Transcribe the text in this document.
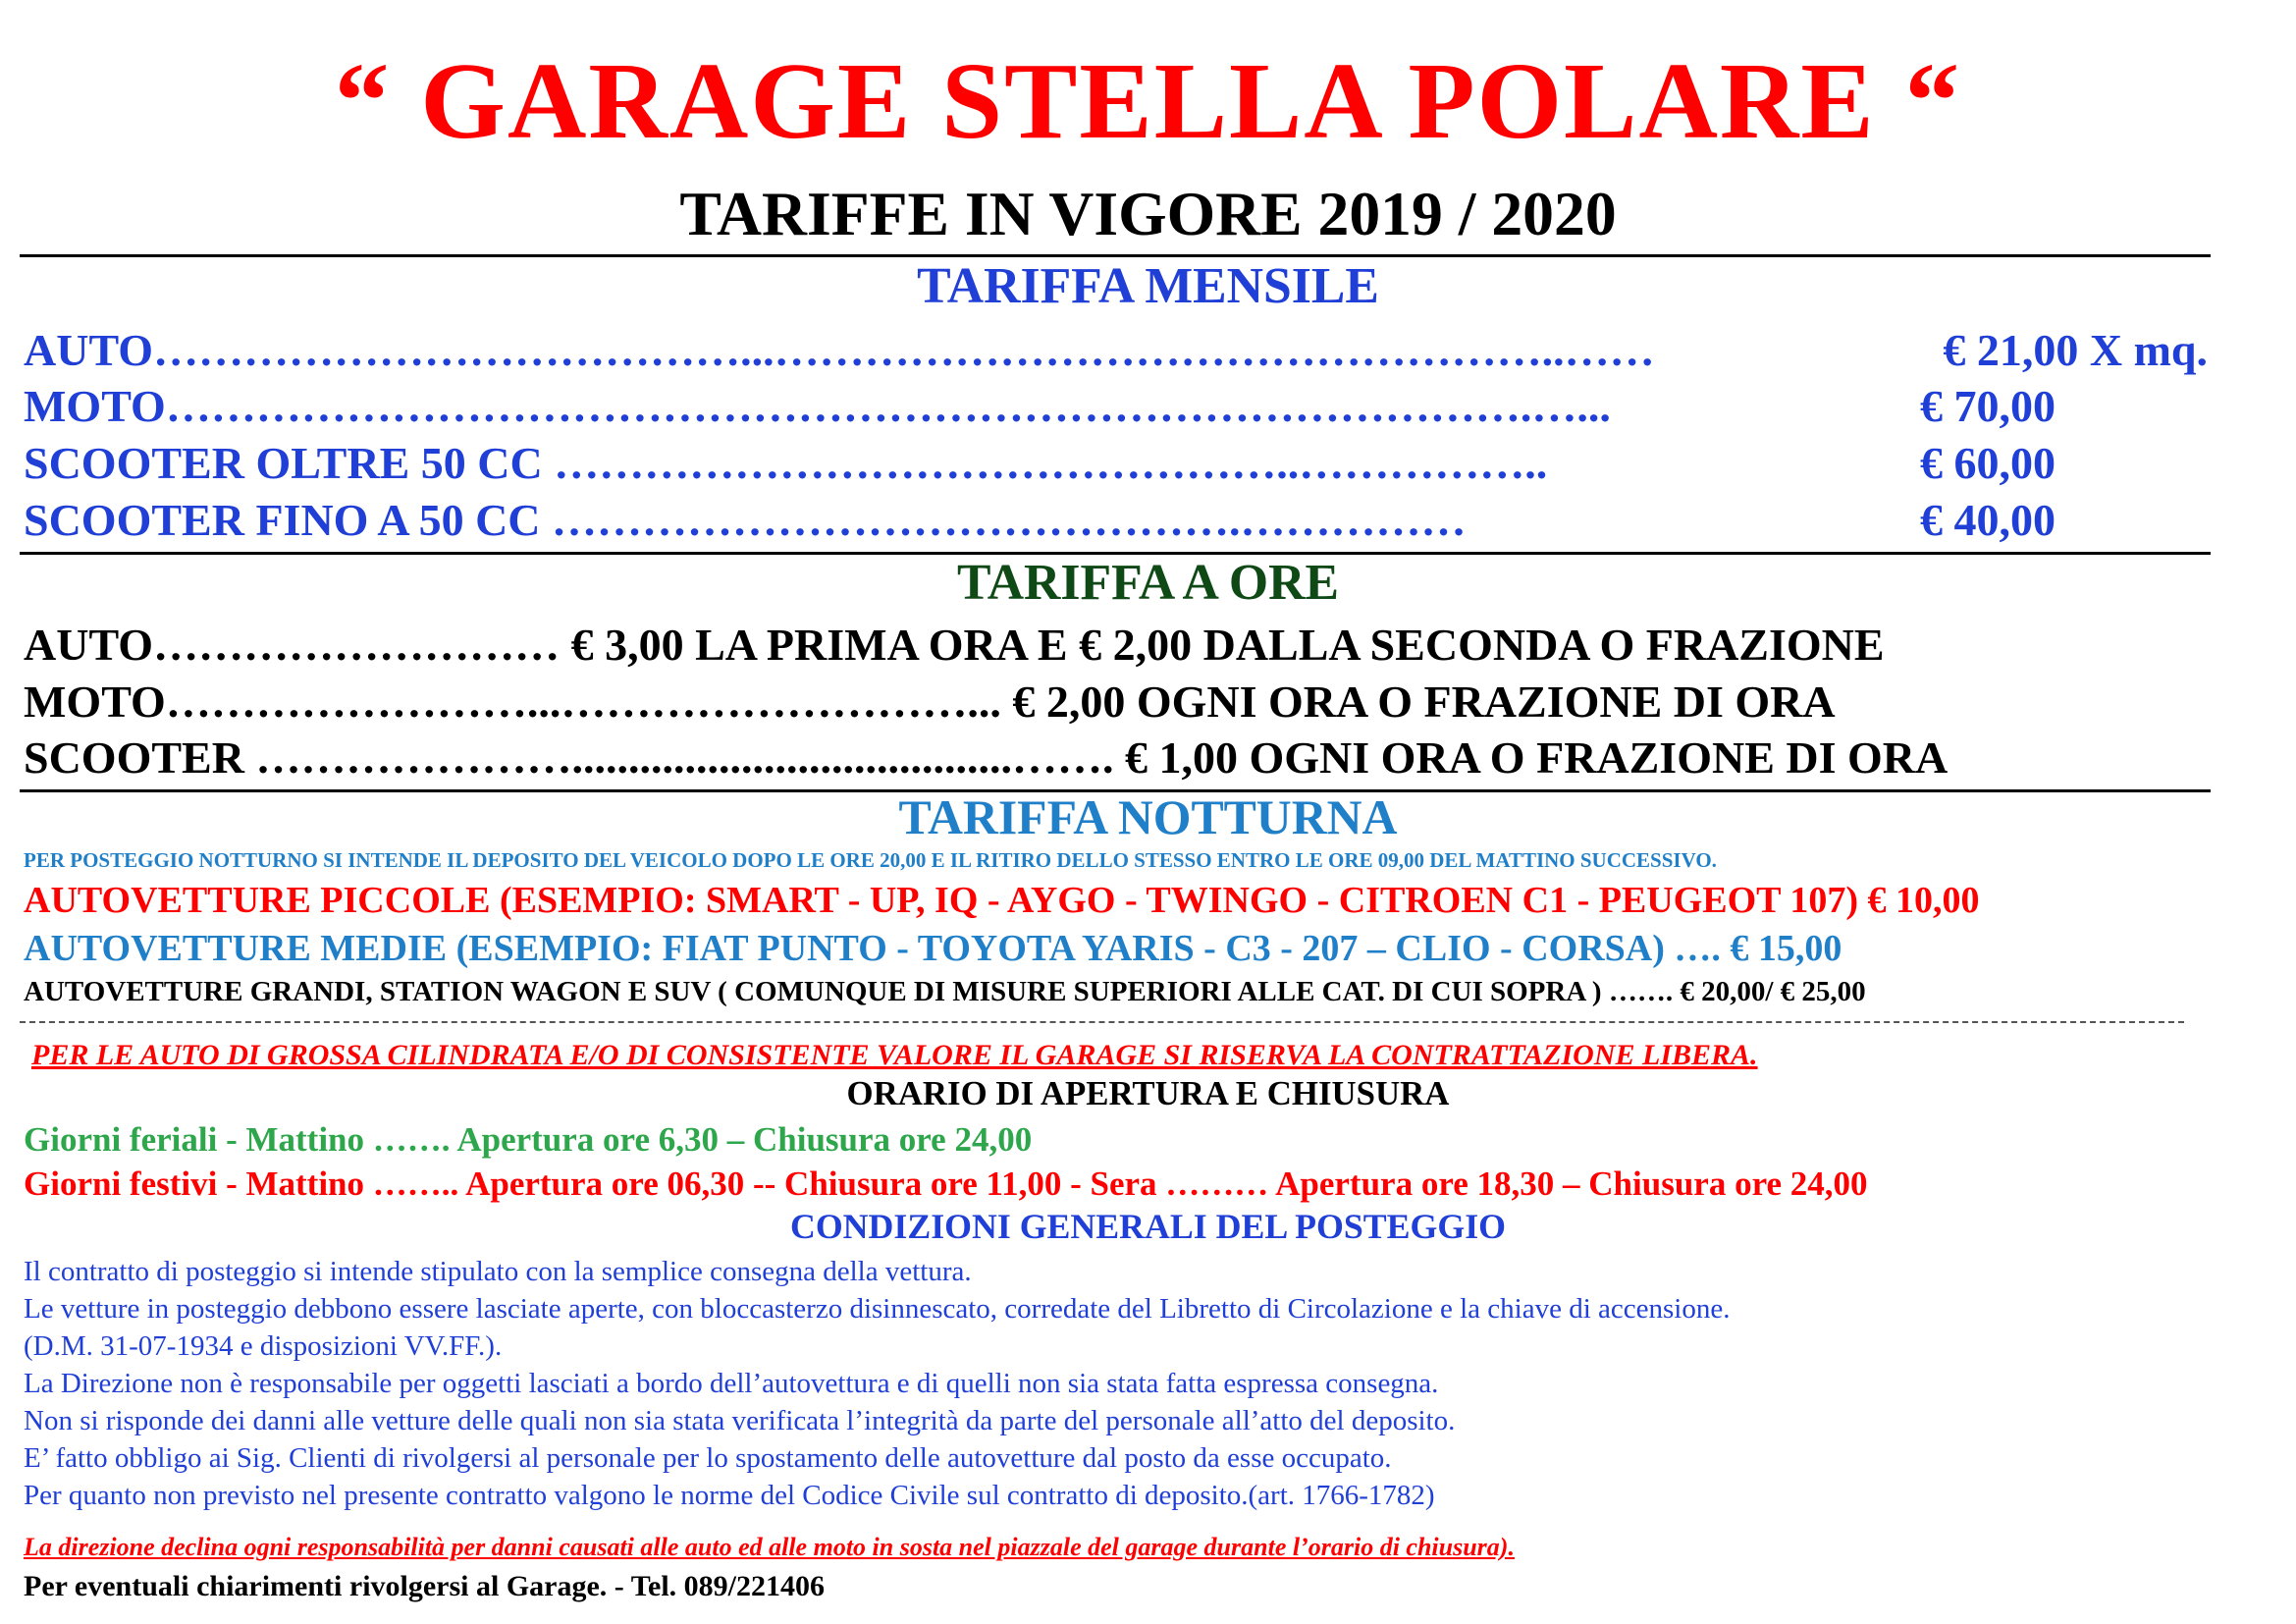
“ GARAGE STELLA POLARE “
TARIFFE IN VIGORE 2019 / 2020
TARIFFA MENSILE
AUTO…………………………………...……………………………………………..……	€ 21,00 X mq.
MOTO……………………………………………………………………………….…...	€ 70,00
SCOOTER OLTRE 50 CC …………………………………………..……………..	€ 60,00
SCOOTER FINO A 50 CC ……………………………………….……………	€ 40,00
TARIFFA A ORE
AUTO……………………… € 3,00 LA PRIMA ORA E € 2,00 DALLA SECONDA O FRAZIONE
MOTO……………………...………………………... € 2,00 OGNI ORA O FRAZIONE DI ORA
SCOOTER ………………….......................................……. € 1,00 OGNI ORA O FRAZIONE DI ORA
TARIFFA NOTTURNA
PER POSTEGGIO NOTTURNO SI INTENDE IL DEPOSITO DEL VEICOLO DOPO LE ORE 20,00 E IL RITIRO DELLO STESSO ENTRO LE ORE 09,00 DEL MATTINO SUCCESSIVO.
AUTOVETTURE PICCOLE (ESEMPIO: SMART - UP, IQ - AYGO - TWINGO - CITROEN C1 - PEUGEOT 107) € 10,00
AUTOVETTURE MEDIE (ESEMPIO: FIAT PUNTO - TOYOTA YARIS - C3 - 207 – CLIO - CORSA) …. € 15,00
AUTOVETTURE GRANDI, STATION WAGON E SUV ( COMUNQUE DI MISURE SUPERIORI ALLE CAT. DI CUI SOPRA ) ……. € 20,00/ € 25,00
PER LE AUTO DI GROSSA CILINDRATA E/O DI CONSISTENTE VALORE IL GARAGE SI RISERVA LA CONTRATTAZIONE LIBERA.
ORARIO DI APERTURA E CHIUSURA
Giorni feriali - Mattino ……. Apertura ore 6,30 – Chiusura ore 24,00
Giorni festivi - Mattino …….. Apertura ore 06,30 -- Chiusura ore 11,00 - Sera ……… Apertura ore 18,30 – Chiusura ore 24,00
CONDIZIONI GENERALI DEL POSTEGGIO
Il contratto di posteggio si intende stipulato con la semplice consegna della vettura.
Le vetture in posteggio debbono essere lasciate aperte, con bloccasterzo disinnescato, corredate del Libretto di Circolazione e la chiave di accensione.
(D.M. 31-07-1934 e disposizioni VV.FF.).
La Direzione non è responsabile per oggetti lasciati a bordo dell’autovettura e di quelli non sia stata fatta espressa consegna.
Non si risponde dei danni alle vetture delle quali non sia stata verificata l’integrità da parte del personale all’atto del deposito.
E’ fatto obbligo ai Sig. Clienti di rivolgersi al personale per lo spostamento delle autovetture dal posto da esse occupato.
Per quanto non previsto nel presente contratto valgono le norme del Codice Civile sul contratto di deposito.(art. 1766-1782)
La direzione declina ogni responsabilità per danni causati alle auto ed alle moto in sosta nel piazzale del garage durante l’orario di chiusura).
Per eventuali chiarimenti rivolgersi al Garage. - Tel. 089/221406
